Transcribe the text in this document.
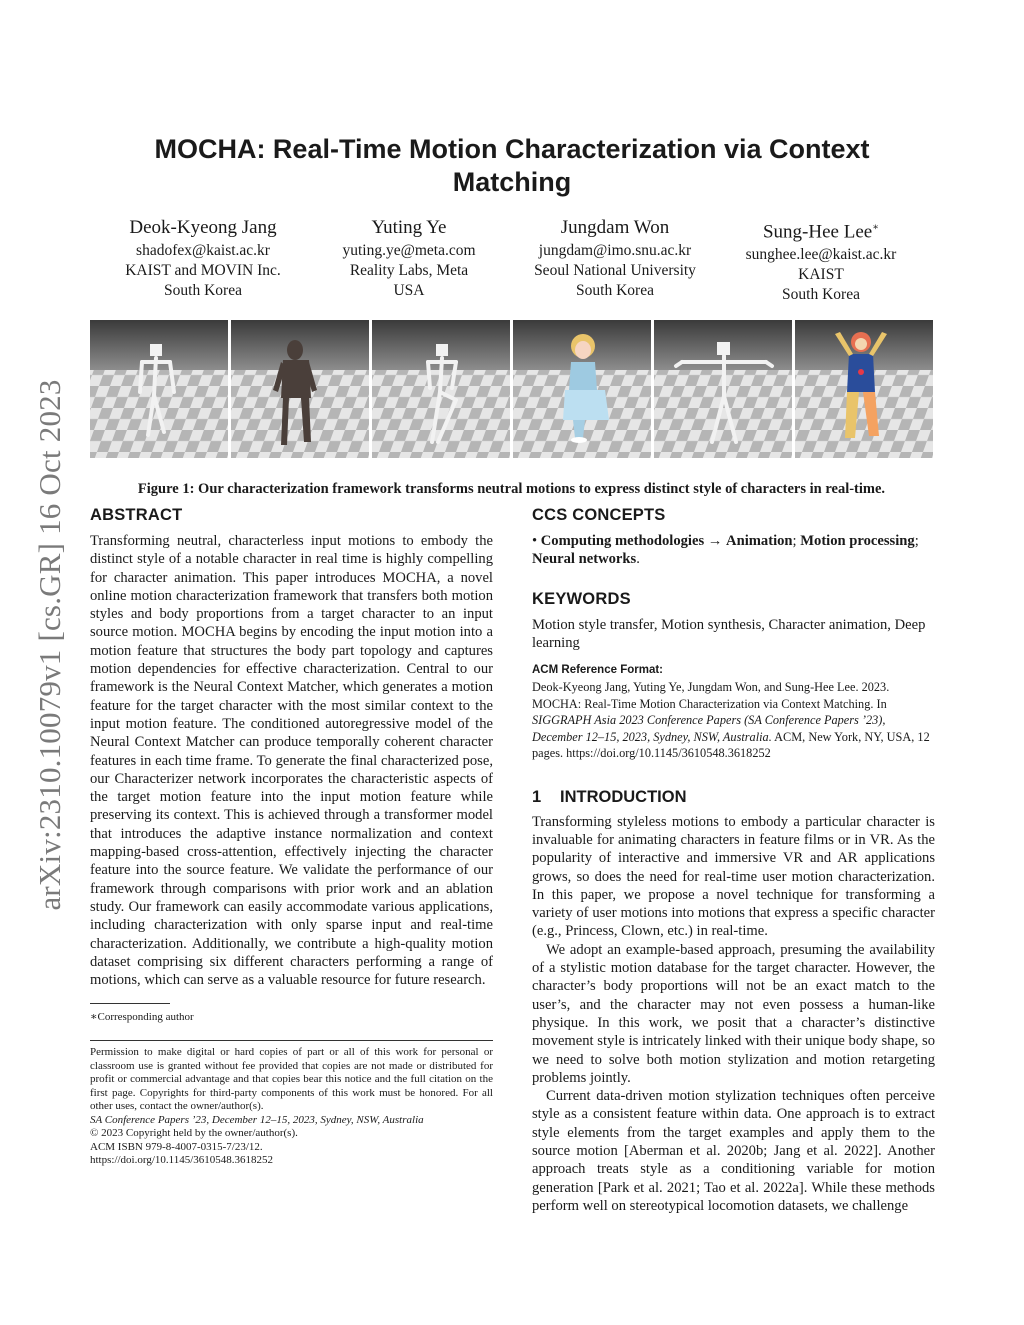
arXiv:2310.10079v1 [cs.GR] 16 Oct 2023
MOCHA: Real-Time Motion Characterization via Context Matching
Deok-Kyeong Jang
shadofex@kaist.ac.kr
KAIST and MOVIN Inc.
South Korea
Yuting Ye
yuting.ye@meta.com
Reality Labs, Meta
USA
Jungdam Won
jungdam@imo.snu.ac.kr
Seoul National University
South Korea
Sung-Hee Lee∗
sunghee.lee@kaist.ac.kr
KAIST
South Korea
Figure 1: Our characterization framework transforms neutral motions to express distinct style of characters in real-time.
ABSTRACT

Transforming neutral, characterless input motions to embody the distinct style of a notable character in real time is highly compelling for character animation. This paper introduces MOCHA, a novel online motion characterization framework that transfers both motion styles and body proportions from a target character to an input source motion. MOCHA begins by encoding the input motion into a motion feature that structures the body part topology and captures motion dependencies for effective characterization. Central to our framework is the Neural Context Matcher, which generates a motion feature for the target character with the most similar context to the input motion feature. The conditioned autoregressive model of the Neural Context Matcher can produce temporally coherent character features in each time frame. To generate the final characterized pose, our Characterizer network incorporates the characteristic aspects of the target motion feature into the input motion feature while preserving its context. This is achieved through a transformer model that introduces the adaptive instance normalization and context mapping-based cross-attention, effectively injecting the character feature into the source feature. We validate the performance of our framework through comparisons with prior work and an ablation study. Our framework can easily accommodate various applications, including characterization with only sparse input and real-time characterization. Additionally, we contribute a high-quality motion dataset comprising six different characters performing a range of motions, which can serve as a valuable resource for future research.

∗Corresponding author
Permission to make digital or hard copies of part or all of this work for personal or classroom use is granted without fee provided that copies are not made or distributed for profit or commercial advantage and that copies bear this notice and the full citation on the first page. Copyrights for third-party components of this work must be honored. For all other uses, contact the owner/author(s).
SA Conference Papers ’23, December 12–15, 2023, Sydney, NSW, Australia
© 2023 Copyright held by the owner/author(s).
ACM ISBN 979-8-4007-0315-7/23/12.
https://doi.org/10.1145/3610548.3618252
CCS CONCEPTS

• Computing methodologies → Animation; Motion processing; Neural networks.

KEYWORDS

Motion style transfer, Motion synthesis, Character animation, Deep learning

ACM Reference Format:
Deok-Kyeong Jang, Yuting Ye, Jungdam Won, and Sung-Hee Lee. 2023. MOCHA: Real-Time Motion Characterization via Context Matching. In SIGGRAPH Asia 2023 Conference Papers (SA Conference Papers ’23), December 12–15, 2023, Sydney, NSW, Australia. ACM, New York, NY, USA, 12 pages. https://doi.org/10.1145/3610548.3618252
1 INTRODUCTION

Transforming styleless motions to embody a particular character is invaluable for animating characters in feature films or in VR. As the popularity of interactive and immersive VR and AR applications grows, so does the need for real-time user motion characterization. In this paper, we propose a novel technique for transforming a variety of user motions into motions that express a specific character (e.g., Princess, Clown, etc.) in real-time.

We adopt an example-based approach, presuming the availability of a stylistic motion database for the target character. However, the character’s body proportions will not be an exact match to the user’s, and the character may not even possess a human-like physique. In this work, we posit that a character’s distinctive movement style is intricately linked with their unique body shape, so we need to solve both motion stylization and motion retargeting problems jointly.

Current data-driven motion stylization techniques often perceive style as a consistent feature within data. One approach is to extract style elements from the target examples and apply them to the source motion [Aberman et al. 2020b; Jang et al. 2022]. Another approach treats style as a conditioning variable for motion generation [Park et al. 2021; Tao et al. 2022a]. While these methods perform well on stereotypical locomotion datasets, we challenge
